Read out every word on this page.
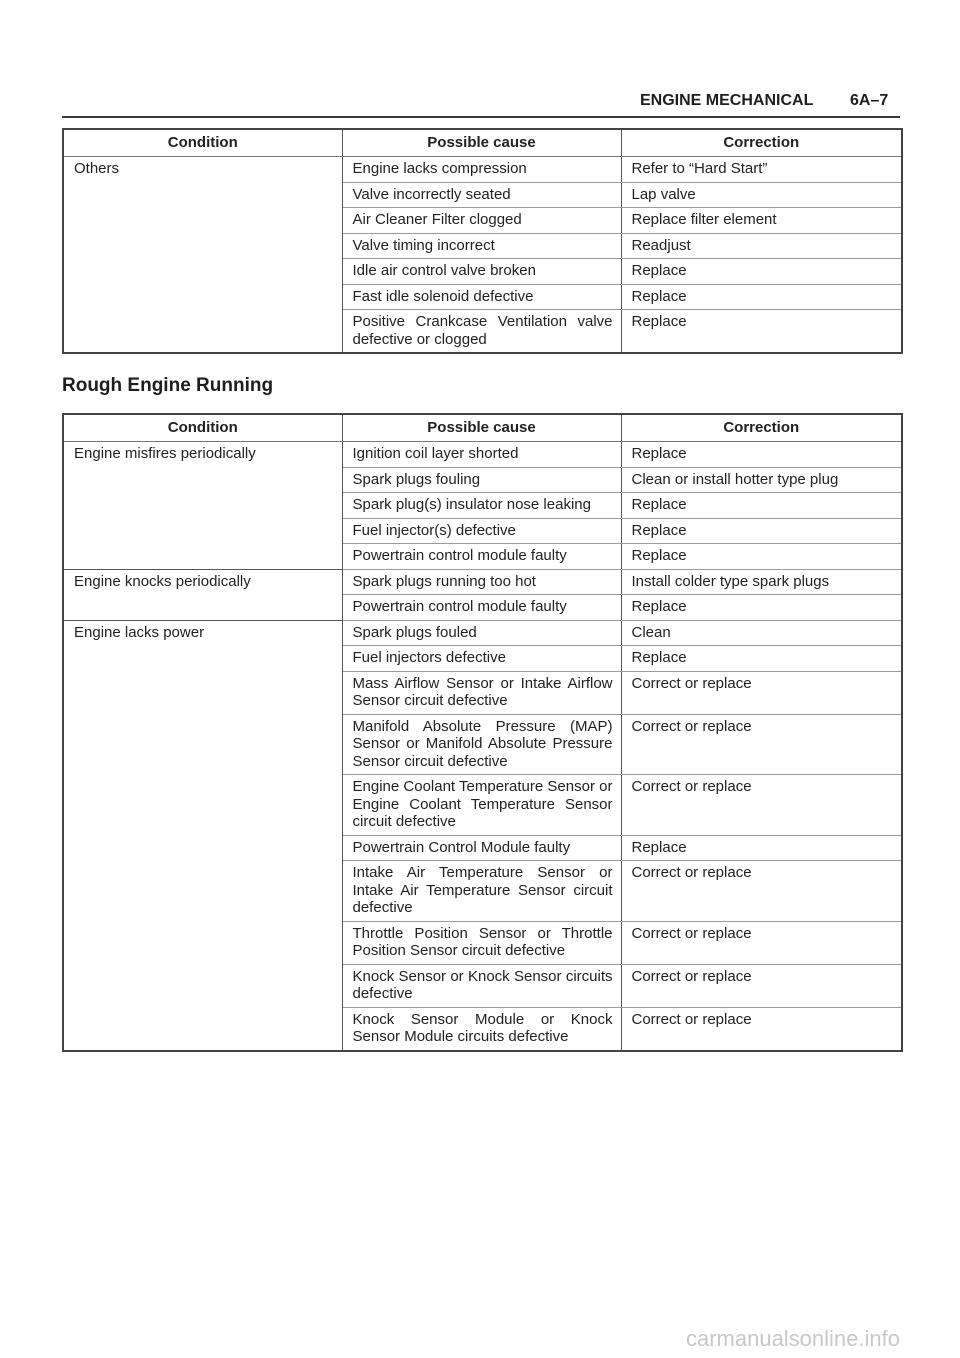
ENGINE MECHANICAL 6A–7
Condition	Possible cause	Correction
Others	Engine lacks compression	Refer to “Hard Start”
	Valve incorrectly seated	Lap valve
	Air Cleaner Filter clogged	Replace filter element
	Valve timing incorrect	Readjust
	Idle air control valve broken	Replace
	Fast idle solenoid defective	Replace
	Positive Crankcase Ventilation valve defective or clogged	Replace
Rough Engine Running
Condition	Possible cause	Correction
Engine misfires periodically	Ignition coil layer shorted	Replace
	Spark plugs fouling	Clean or install hotter type plug
	Spark plug(s) insulator nose leaking	Replace
	Fuel injector(s) defective	Replace
	Powertrain control module faulty	Replace
Engine knocks periodically	Spark plugs running too hot	Install colder type spark plugs
	Powertrain control module faulty	Replace
Engine lacks power	Spark plugs fouled	Clean
	Fuel injectors defective	Replace
	Mass Airflow Sensor or Intake Airflow Sensor circuit defective	Correct or replace
	Manifold Absolute Pressure (MAP) Sensor or Manifold Absolute Pressure Sensor circuit defective	Correct or replace
	Engine Coolant Temperature Sensor or Engine Coolant Temperature Sensor circuit defective	Correct or replace
	Powertrain Control Module faulty	Replace
	Intake Air Temperature Sensor or Intake Air Temperature Sensor circuit defective	Correct or replace
	Throttle Position Sensor or Throttle Position Sensor circuit defective	Correct or replace
	Knock Sensor or Knock Sensor circuits defective	Correct or replace
	Knock Sensor Module or Knock Sensor Module circuits defective	Correct or replace
carmanualsonline.info
